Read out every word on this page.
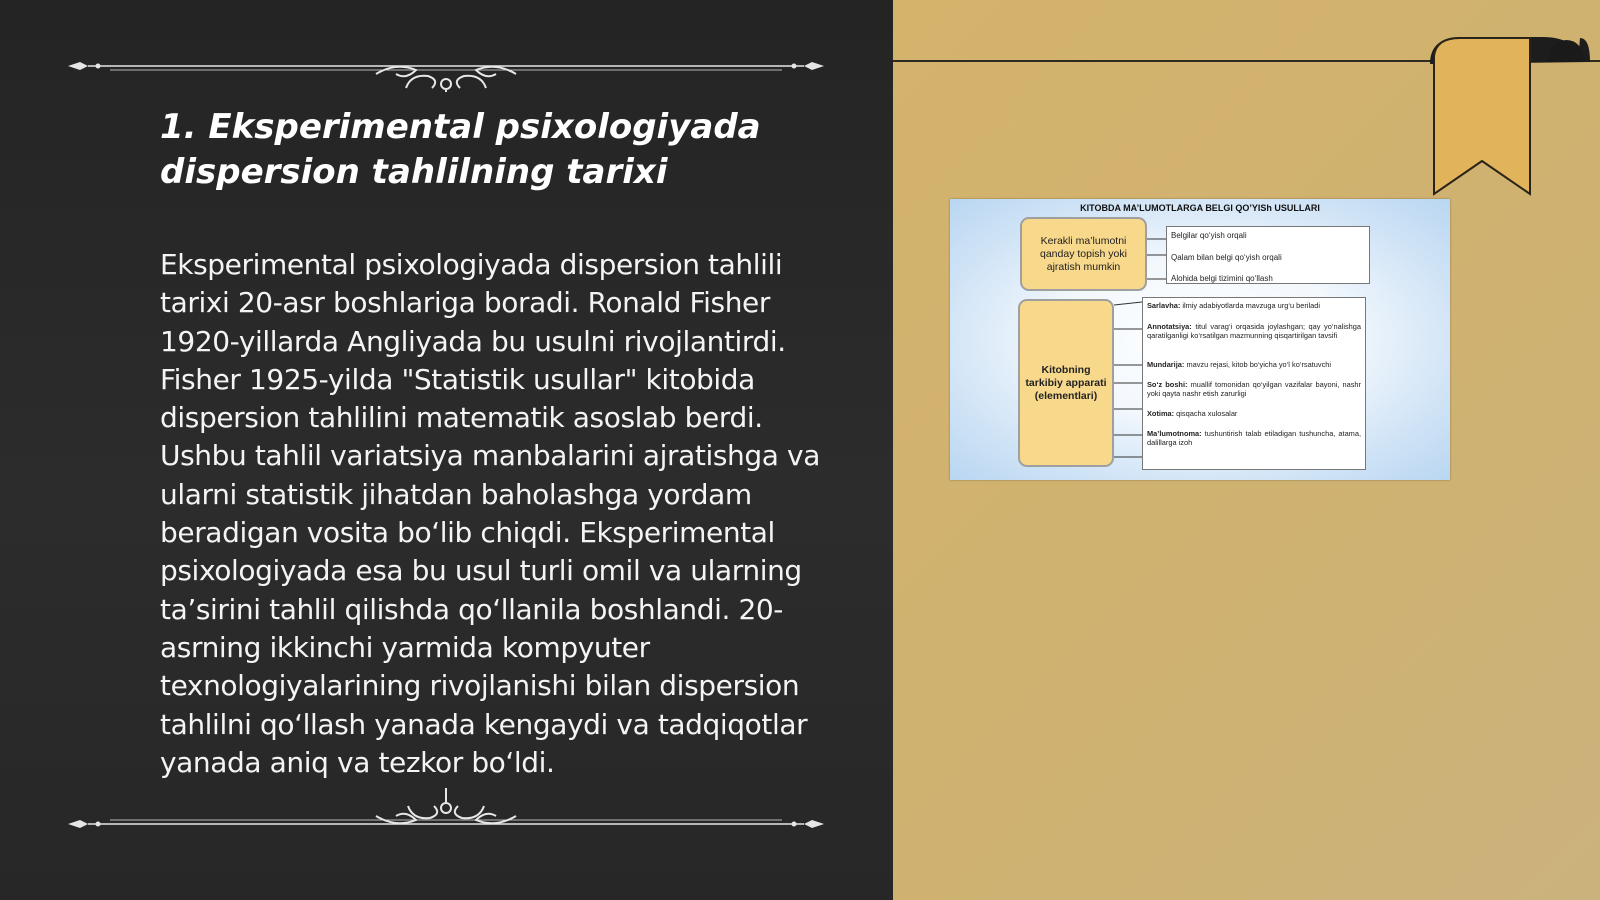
1. Eksperimental psixologiyada dispersion tahlilning tarixi

Eksperimental psixologiyada dispersion tahlili tarixi 20-asr boshlariga boradi. Ronald Fisher 1920-yillarda Angliyada bu usulni rivojlantirdi. Fisher 1925-yilda "Statistik usullar" kitobida dispersion tahlilini matematik asoslab berdi. Ushbu tahlil variatsiya manbalarini ajratishga va ularni statistik jihatdan baholashga yordam beradigan vosita bo‘lib chiqdi. Eksperimental psixologiyada esa bu usul turli omil va ularning ta’sirini tahlil qilishda qo‘llanila boshlandi. 20-asrning ikkinchi yarmida kompyuter texnologiyalarining rivojlanishi bilan dispersion tahlilni qo‘llash yanada kengaydi va tadqiqotlar yanada aniq va tezkor bo‘ldi.

KITOBDA MA’LUMOTLARGA BELGI QO’YISh USULLARI
Kerakli ma’lumotni qanday topish yoki ajratish mumkin
Belgilar qo‘yish orqali
Qalam bilan belgi qo‘yish orqali
Alohida belgi tizimini qo‘llash
Kitobning tarkibiy apparati (elementlari)
Sarlavha: ilmiy adabiyotlarda mavzuga urg‘u beriladi
Annotatsiya: titul varag‘i orqasida joylashgan; qay yo‘nalishga qaratilganligi ko‘rsatilgan mazmunning qisqartirilgan tavsifi
Mundarija: mavzu rejasi, kitob bo‘yicha yo‘l ko‘rsatuvchi
So‘z boshi: muallif tomonidan qo‘yilgan vazifalar bayoni, nashr yoki qayta nashr etish zarurligi
Xotima: qisqacha xulosalar
Ma’lumotnoma: tushuntirish talab etiladigan tushuncha, atama, dalillarga izoh
